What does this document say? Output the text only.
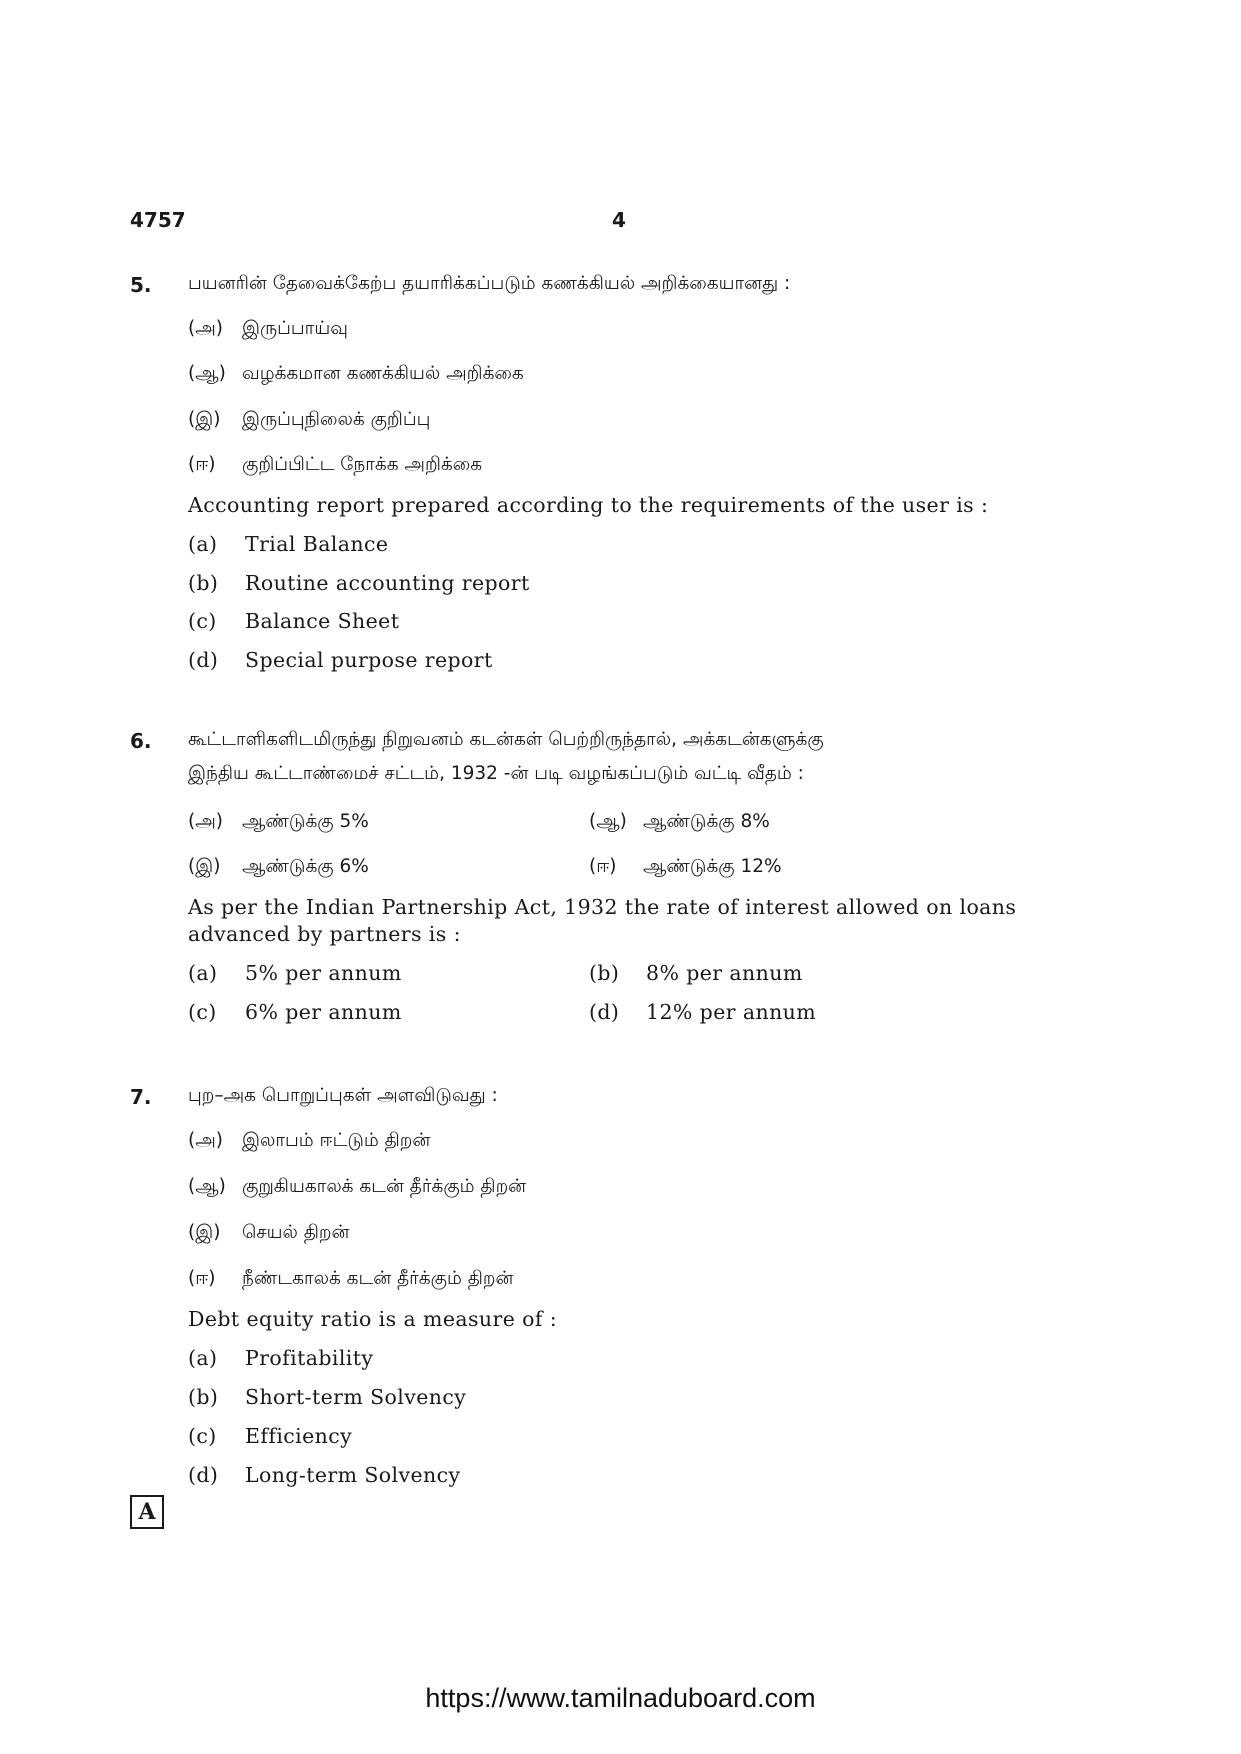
4757	4
5. பயனரின் தேவைக்கேற்ப தயாரிக்கப்படும் கணக்கியல் அறிக்கையானது :
(அ) இருப்பாய்வு
(ஆ) வழக்கமான கணக்கியல் அறிக்கை
(இ) இருப்புநிலைக் குறிப்பு
(ஈ) குறிப்பிட்ட நோக்க அறிக்கை
Accounting report prepared according to the requirements of the user is :
(a) Trial Balance
(b) Routine accounting report
(c) Balance Sheet
(d) Special purpose report
6. கூட்டாளிகளிடமிருந்து நிறுவனம் கடன்கள் பெற்றிருந்தால், அக்கடன்களுக்கு
இந்திய கூட்டாண்மைச் சட்டம், 1932 -ன் படி வழங்கப்படும் வட்டி வீதம் :
(அ) ஆண்டுக்கு 5%	(ஆ) ஆண்டுக்கு 8%
(இ) ஆண்டுக்கு 6%	(ஈ) ஆண்டுக்கு 12%
As per the Indian Partnership Act, 1932 the rate of interest allowed on loans
advanced by partners is :
(a) 5% per annum	(b) 8% per annum
(c) 6% per annum	(d) 12% per annum
7. புற–அக பொறுப்புகள் அளவிடுவது :
(அ) இலாபம் ஈட்டும் திறன்
(ஆ) குறுகியகாலக் கடன் தீர்க்கும் திறன்
(இ) செயல் திறன்
(ஈ) நீண்டகாலக் கடன் தீர்க்கும் திறன்
Debt equity ratio is a measure of :
(a) Profitability
(b) Short-term Solvency
(c) Efficiency
(d) Long-term Solvency
A
https://www.tamilnaduboard.com
